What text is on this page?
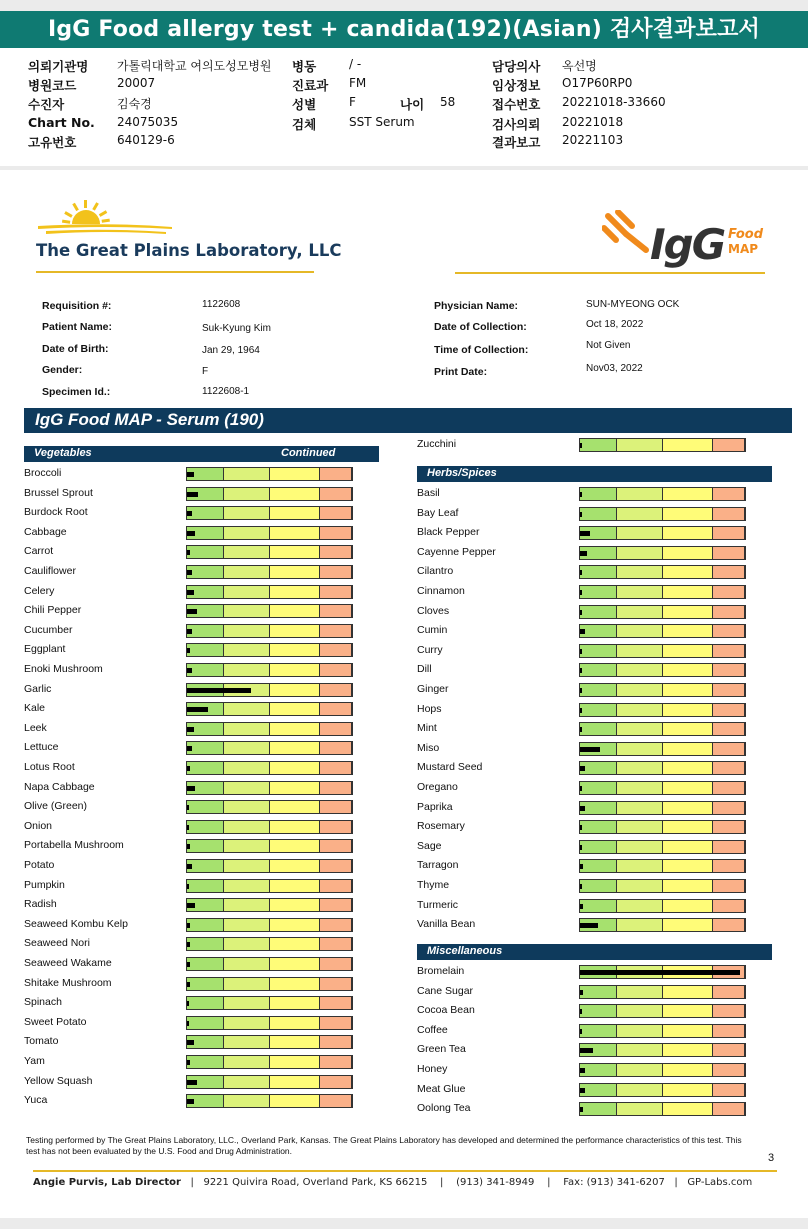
IgG Food allergy test + candida(192)(Asian) 검사결과보고서
의뢰기관명 가톨릭대학교 여의도성모병원
병원코드	20007
수진자	김숙경
Chart No. 24075035
고유번호	640129-6
병동	/ -
진료과 FM
성별	F
검체	SST Serum
나이 58
담당의사 옥선명
임상정보 O17P60RP0
접수번호 20221018-33660
검사의뢰 20221018
결과보고 20221103
The Great Plains Laboratory, LLC	IgG Food
MAP
Requisition #:	1122608
Patient Name:	Suk-Kyung Kim
Date of Birth:	Jan 29, 1964
Gender:	F
Specimen Id.:	1122608-1
Physician Name:	SUN-MYEONG OCK
Date of Collection:	Oct 18, 2022
Time of Collection:	Not Given
Print Date:	Nov03, 2022
IgG Food MAP - Serum (190)
Vegetables	Continued
Herbs/Spices
Miscellaneous
Broccoli
Brussel Sprout
Burdock Root
Cabbage
Carrot
Cauliflower
Celery
Chili Pepper
Cucumber
Eggplant
Enoki Mushroom
Garlic
Kale
Leek
Lettuce
Lotus Root
Napa Cabbage
Olive (Green)
Onion
Portabella Mushroom
Potato
Pumpkin
Radish
Seaweed Kombu Kelp
Seaweed Nori
Seaweed Wakame
Shitake Mushroom
Spinach
Sweet Potato
Tomato
Yam
Yellow Squash
Yuca
Zucchini
Basil
Bay Leaf
Black Pepper
Cayenne Pepper
Cilantro
Cinnamon
Cloves
Cumin
Curry
Dill
Ginger
Hops
Mint
Miso
Mustard Seed
Oregano
Paprika
Rosemary
Sage
Tarragon
Thyme
Turmeric
Vanilla Bean
Bromelain
Cane Sugar
Cocoa Bean
Coffee
Green Tea
Honey
Meat Glue
Oolong Tea
Testing performed by The Great Plains Laboratory, LLC., Overland Park, Kansas. The Great Plains Laboratory has developed and determined the performance characteristics of this test. This test has not been evaluated by the U.S. Food and Drug Administration.
3
Angie Purvis, Lab Director   |   9221 Quivira Road, Overland Park, KS 66215    |    (913) 341-8949    |    Fax: (913) 341-6207   |   GP-Labs.com
